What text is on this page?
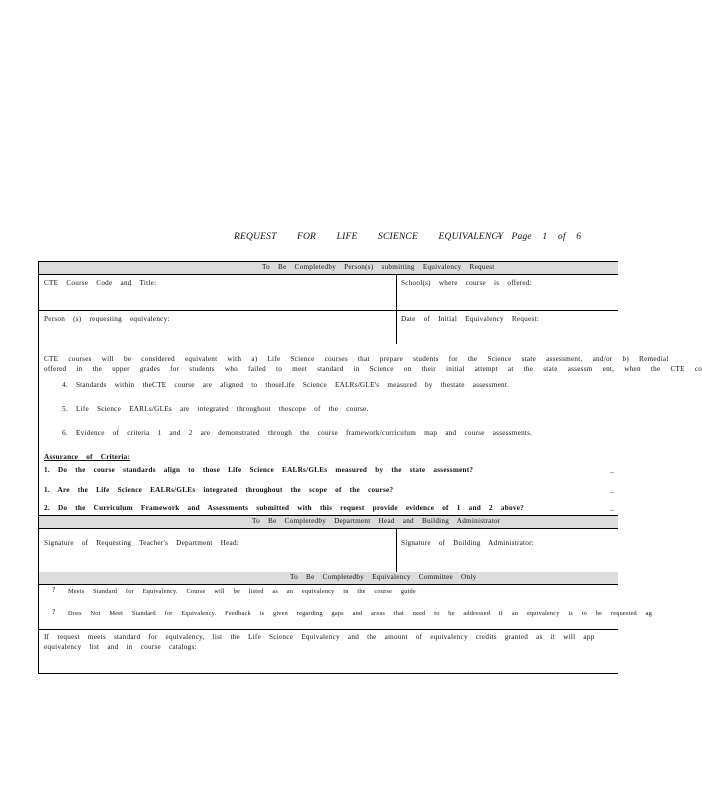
REQUEST FOR LIFE SCIENCE EQUIVALENCY
– Page 1 of 6
To Be Completedby Person(s) submitting Equivalency Request
CTE Course Code and Title:	School(s) where course is offered:
Person (s) requesting equivalency:	Date of Initial Equivalency Request:
CTE courses will be considered equivalent with a) Life Science courses that prepare students for the Science state assessment, and/or b) Remedial
offered in the upper grades for students who failed to meet standard in Science on their initial attempt at the state assessm ent, when the CTE co
4. Standards within theCTE course are aligned to thoseLife Science EALRs/GLE's measured by thestate assessment.
5. Life Science EARLs/GLEs are integrated throughout thescope of the course.
6. Evidence of criteria 1 and 2 are demonstrated through the course framework/curriculum map and course assessments.
Assurance of Criteria:
1. Do the course standards align to those Life Science EALRs/GLEs measured by the state assessment?	_
1. Are the Life Science EALRs/GLEs integrated throughout the scope of the course?	_
2. Do the Curriculum Framework and Assessments submitted with this request provide evidence of 1 and 2 above?	_
To Be Completedby Department Head and Building Administrator
Signature of Requesting Teacher's Department Head:	Signature of Building Administrator:
To Be Completedby Equivalency Committee Only
? Meets Standard for Equivalency. Course will be listed as an equivalency in the course guide
? Does Not Meet Standard for Equivalency. Feedback is given regarding gaps and areas that need to be addressed if an equivalency is to be requested ag
If request meets standard for equivalency, list the Life Science Equivalency and the amount of equivalency credits granted as it will app
equivalency list and in course catalogs:
